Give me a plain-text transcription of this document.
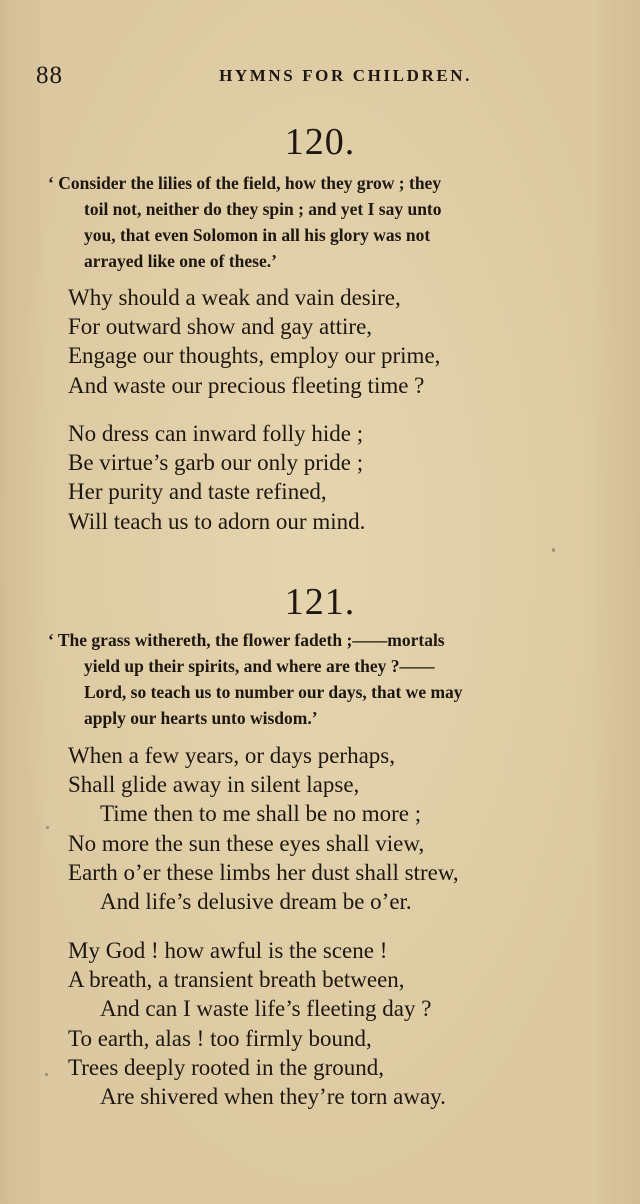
88	HYMNS FOR CHILDREN.
120.
‘ Consider the lilies of the field, how they grow ; they
toil not, neither do they spin ; and yet I say unto
you, that even Solomon in all his glory was not
arrayed like one of these.’
Why should a weak and vain desire,
For outward show and gay attire,
Engage our thoughts, employ our prime,
And waste our precious fleeting time ?
No dress can inward folly hide ;
Be virtue’s garb our only pride ;
Her purity and taste refined,
Will teach us to adorn our mind.
121.
‘ The grass withereth, the flower fadeth ;——mortals
yield up their spirits, and where are they ?——
Lord, so teach us to number our days, that we may
apply our hearts unto wisdom.’
When a few years, or days perhaps,
Shall glide away in silent lapse,
Time then to me shall be no more ;
No more the sun these eyes shall view,
Earth o’er these limbs her dust shall strew,
And life’s delusive dream be o’er.
My God ! how awful is the scene !
A breath, a transient breath between,
And can I waste life’s fleeting day ?
To earth, alas ! too firmly bound,
Trees deeply rooted in the ground,
Are shivered when they’re torn away.
